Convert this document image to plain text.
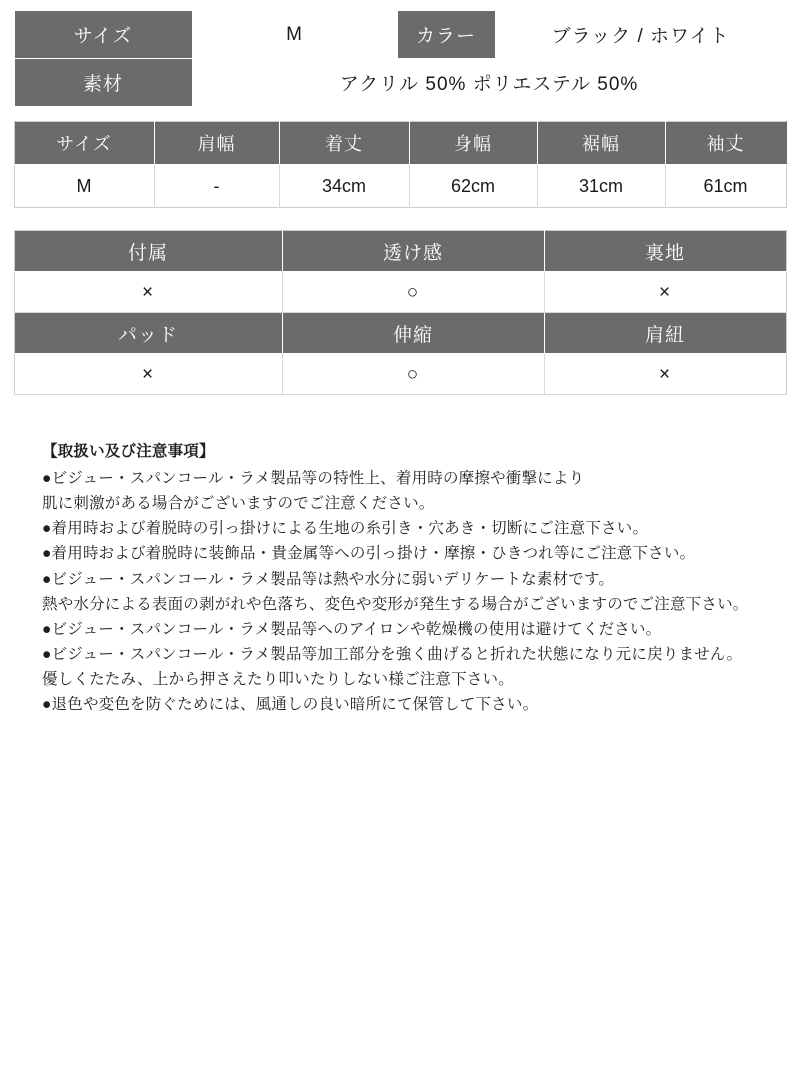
サイズ	M	カラー	ブラック / ホワイト
素材	アクリル 50% ポリエステル 50%		
サイズ	肩幅	着丈	身幅	裾幅	袖丈
M	-	34cm	62cm	31cm	61cm
付属	透け感	裏地
×	○	×
パッド	伸縮	肩紐
×	○	×

【取扱い及び注意事項】

●ビジュー・スパンコール・ラメ製品等の特性上、着用時の摩擦や衝撃により

肌に刺激がある場合がございますのでご注意ください。

●着用時および着脱時の引っ掛けによる生地の糸引き・穴あき・切断にご注意下さい。

●着用時および着脱時に装飾品・貴金属等への引っ掛け・摩擦・ひきつれ等にご注意下さい。

●ビジュー・スパンコール・ラメ製品等は熱や水分に弱いデリケートな素材です。

熱や水分による表面の剥がれや色落ち、変色や変形が発生する場合がございますのでご注意下さい。

●ビジュー・スパンコール・ラメ製品等へのアイロンや乾燥機の使用は避けてください。

●ビジュー・スパンコール・ラメ製品等加工部分を強く曲げると折れた状態になり元に戻りません。

優しくたたみ、上から押さえたり叩いたりしない様ご注意下さい。

●退色や変色を防ぐためには、風通しの良い暗所にて保管して下さい。
